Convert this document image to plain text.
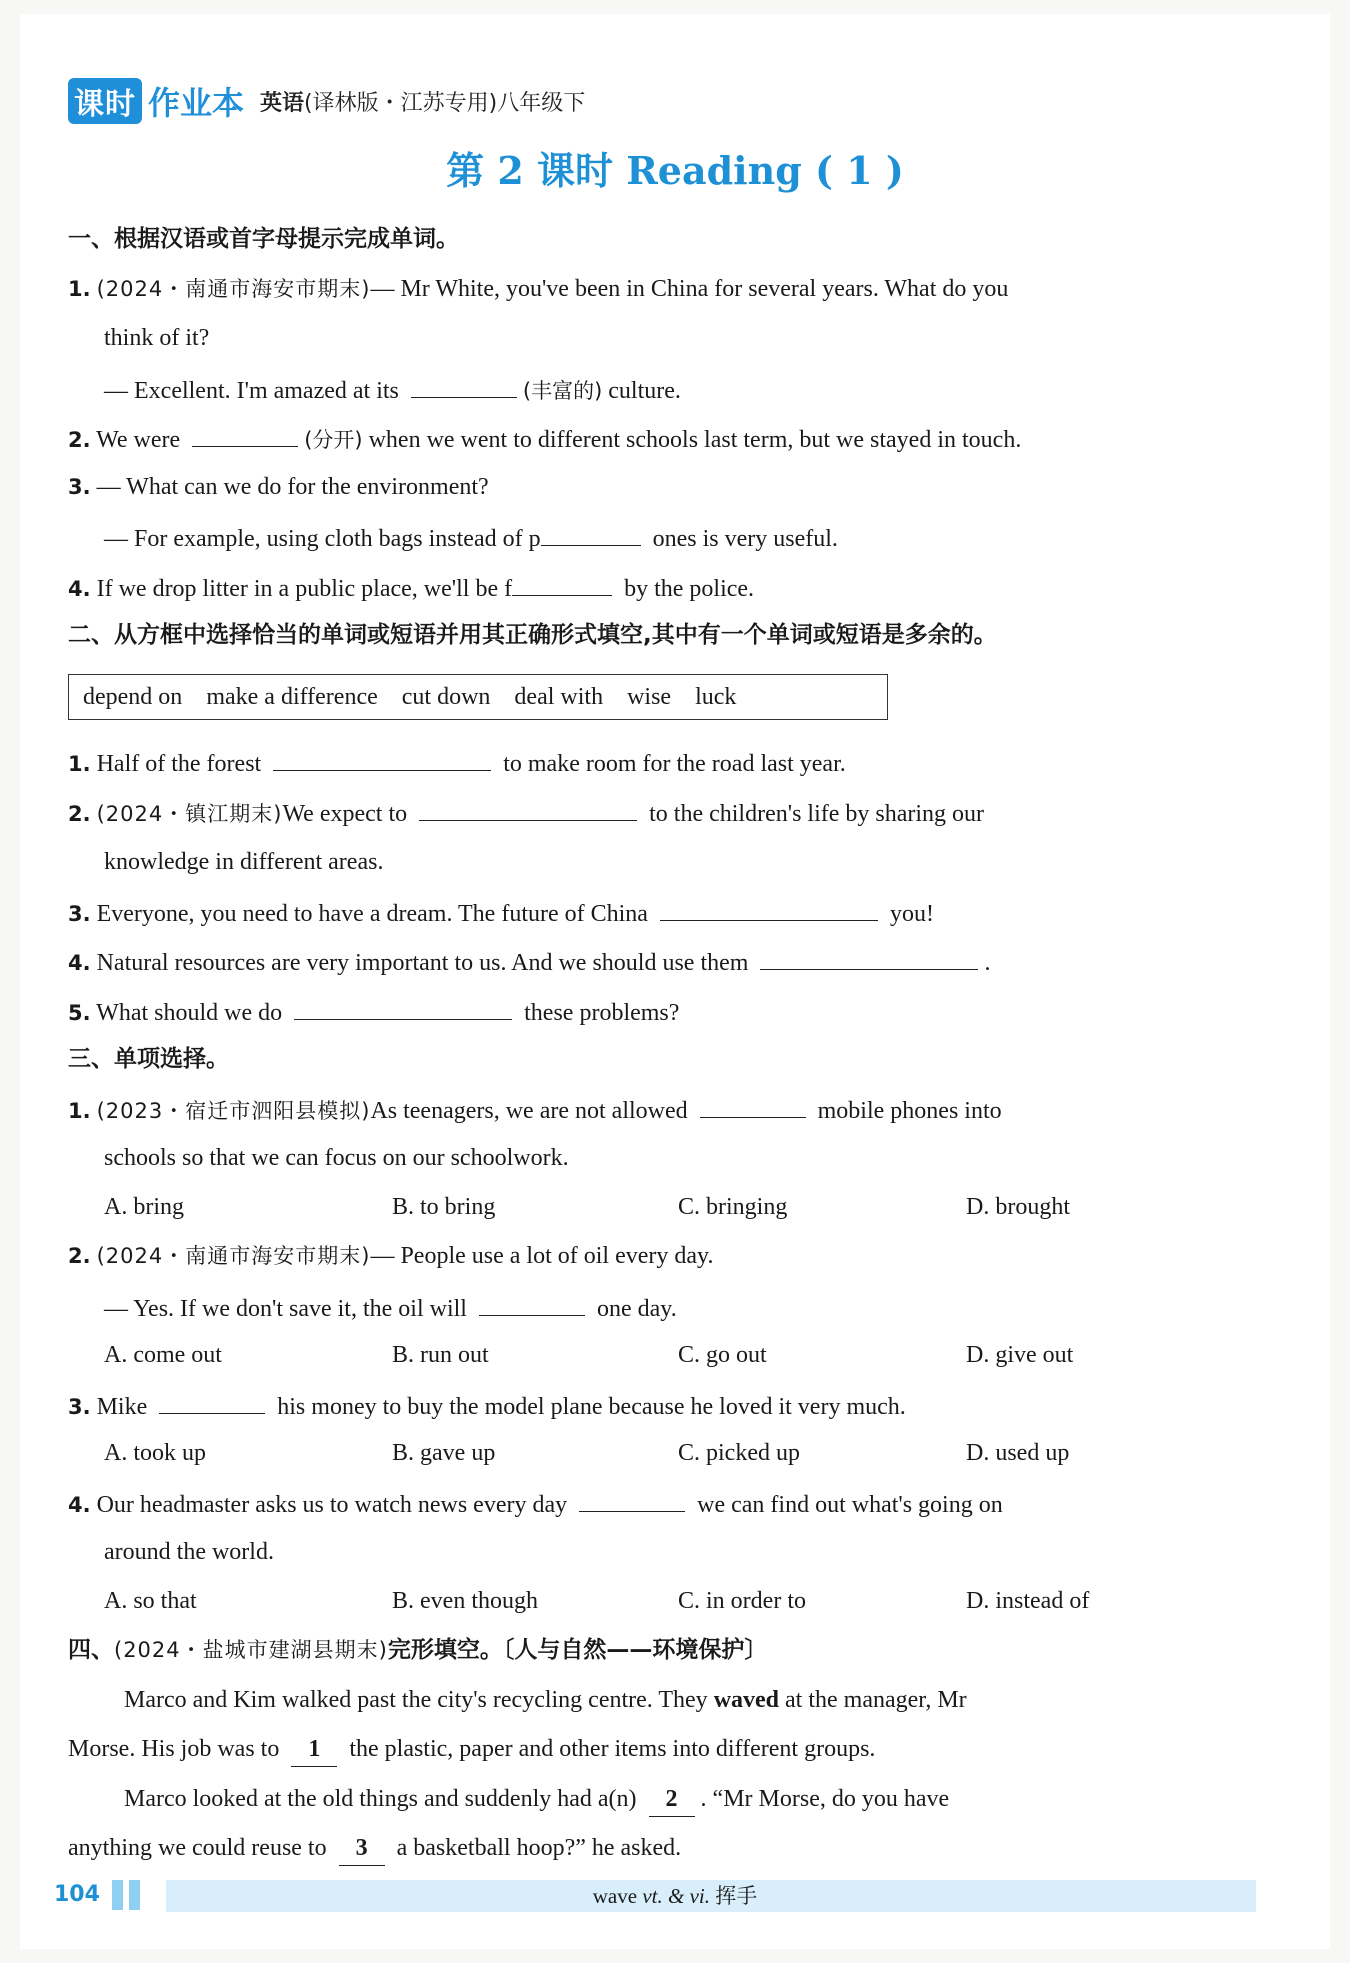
课时 作业本 英语(译林版・江苏专用)八年级下
第 2 课时 Reading ( 1 )
一、根据汉语或首字母提示完成单词。
1. (2024・南通市海安市期末)— Mr White, you've been in China for several years. What do you
think of it?
— Excellent. I'm amazed at its	(丰富的) culture.
2. We were	(分开) when we went to different schools last term, but we stayed in touch.
3. — What can we do for the environment?
— For example, using cloth bags instead of p	ones is very useful.
4. If we drop litter in a public place, we'll be f	by the police.
二、从方框中选择恰当的单词或短语并用其正确形式填空,其中有一个单词或短语是多余的。
depend on make a difference cut down deal with wise luck
1. Half of the forest	to make room for the road last year.
2. (2024・镇江期末)We expect to	to the children's life by sharing our
knowledge in different areas.
3. Everyone, you need to have a dream. The future of China	you!
4. Natural resources are very important to us. And we should use them	.
5. What should we do	these problems?
三、单项选择。
1. (2023・宿迁市泗阳县模拟)As teenagers, we are not allowed	mobile phones into
schools so that we can focus on our schoolwork.
A. bring	B. to bring	C. bringing	D. brought
2. (2024・南通市海安市期末)— People use a lot of oil every day.
— Yes. If we don't save it, the oil will	one day.
A. come out	B. run out	C. go out	D. give out
3. Mike	his money to buy the model plane because he loved it very much.
A. took up	B. gave up	C. picked up	D. used up
4. Our headmaster asks us to watch news every day	we can find out what's going on
around the world.
A. so that	B. even though	C. in order to	D. instead of
四、(2024・盐城市建湖县期末)完形填空。〔人与自然——环境保护〕
Marco and Kim walked past the city's recycling centre. They waved at the manager, Mr
Morse. His job was to 1 the plastic, paper and other items into different groups.
Marco looked at the old things and suddenly had a(n) 2 . “Mr Morse, do you have
anything we could reuse to 3 a basketball hoop?” he asked.
104	wave vt. & vi. 挥手
